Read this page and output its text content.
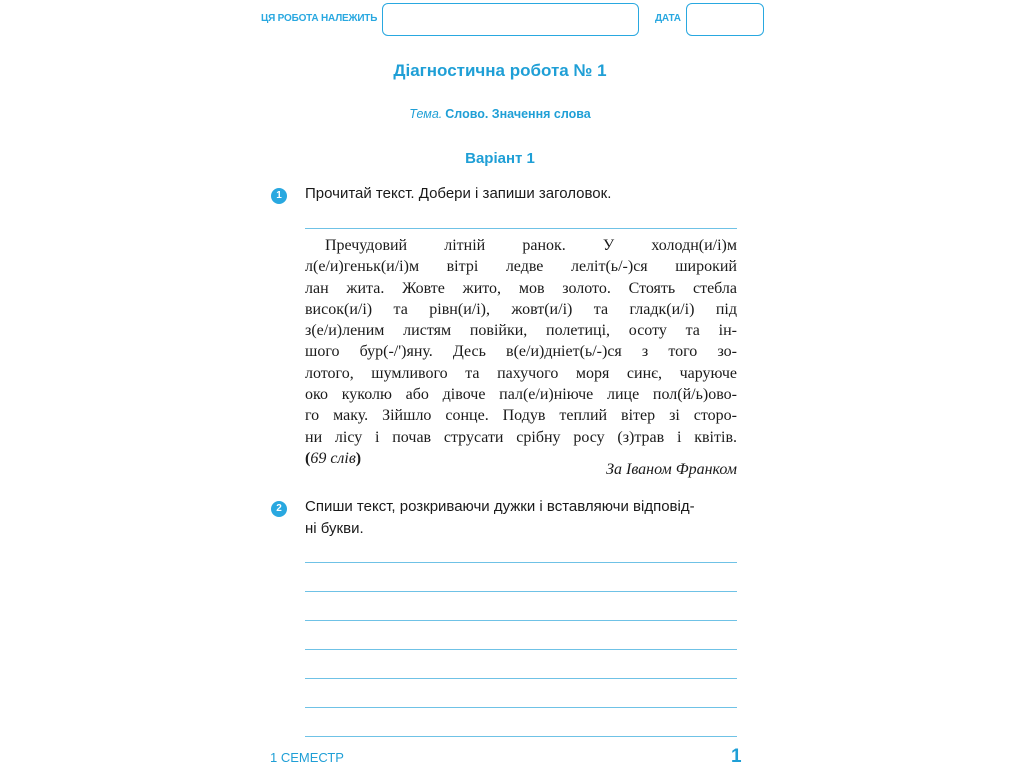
ЦЯ РОБОТА НАЛЕЖИТЬ	ДАТА
Діагностична робота № 1
Тема. Слово. Значення слова
Варіант 1
1	Прочитай текст. Добери і запиши заголовок.
Пречудовий літній ранок. У холодн(и/і)м
л(е/и)геньк(и/і)м вітрі ледве леліт(ь/-)ся широкий
лан жита. Жовте жито, мов золото. Стоять стебла
висок(и/і) та рівн(и/і), жовт(и/і) та гладк(и/і) під
з(е/и)леним листям повійки, полетиці, осоту та ін-
шого бур(-/')яну. Десь в(е/и)дніет(ь/-)ся з того зо-
лотого, шумливого та пахучого моря синє, чаруюче
око куколю або дівоче пал(е/и)ніюче лице пол(й/ь)ово-
го маку. Зійшло сонце. Подув теплий вітер зі сторо-
ни лісу і почав струсати срібну росу (з)трав і квітів.
(69 слів)
За Іваном Франком
2	Спиши текст, розкриваючи дужки і вставляючи відповід-
ні букви.
1 СЕМЕСТР	1
